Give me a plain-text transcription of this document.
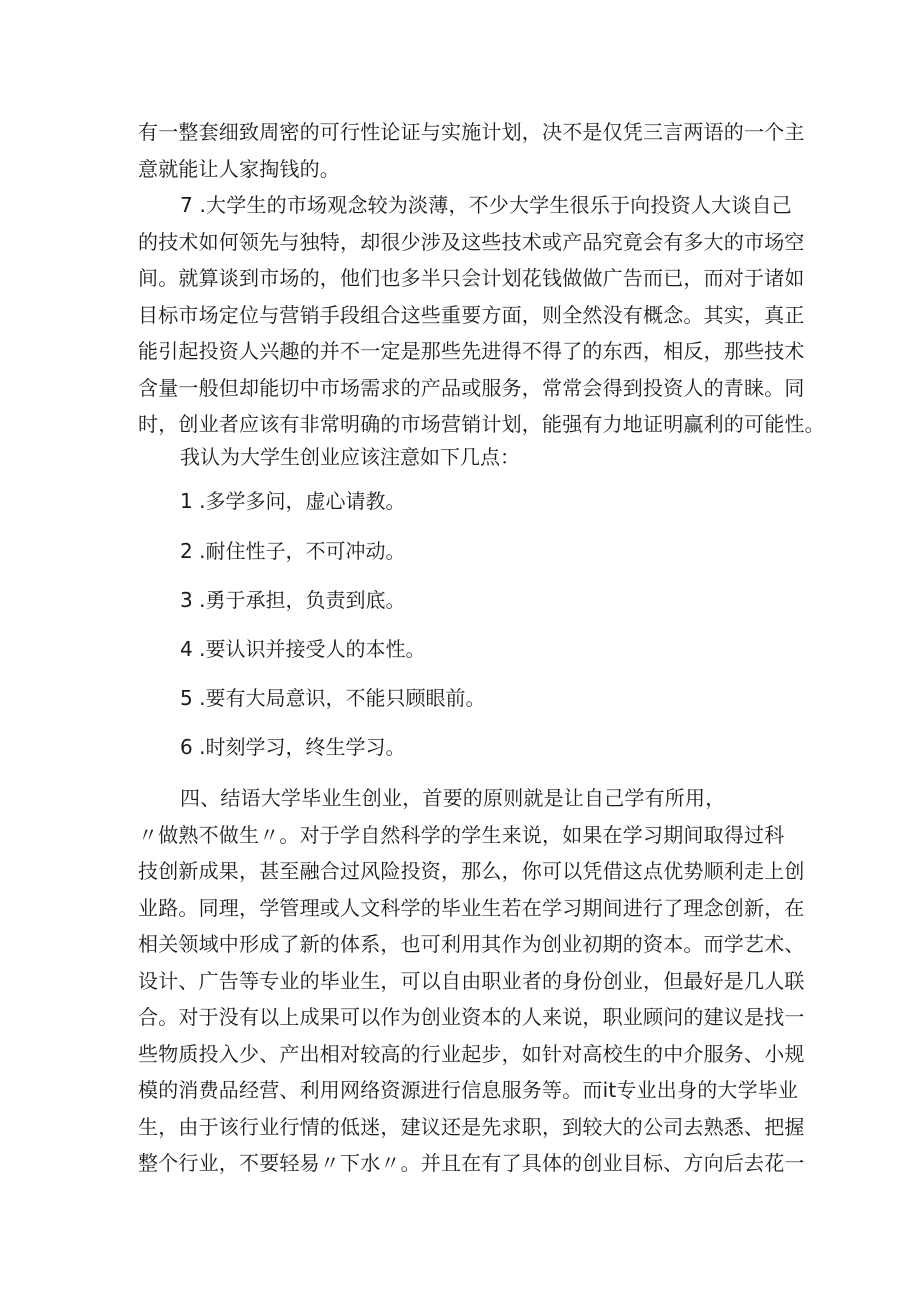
有一整套细致周密的可行性论证与实施计划，决不是仅凭三言两语的一个主
意就能让人家掏钱的。
7 .大学生的市场观念较为淡薄，不少大学生很乐于向投资人大谈自己
的技术如何领先与独特，却很少涉及这些技术或产品究竟会有多大的市场空
间。就算谈到市场的，他们也多半只会计划花钱做做广告而已，而对于诸如
目标市场定位与营销手段组合这些重要方面，则全然没有概念。其实，真正
能引起投资人兴趣的并不一定是那些先进得不得了的东西，相反，那些技术
含量一般但却能切中市场需求的产品或服务，常常会得到投资人的青睐。同
时，创业者应该有非常明确的市场营销计划，能强有力地证明赢利的可能性。
我认为大学生创业应该注意如下几点：
1 .多学多问，虚心请教。
2 .耐住性子，不可冲动。
3 .勇于承担，负责到底。
4 .要认识并接受人的本性。
5 .要有大局意识，不能只顾眼前。
6 .时刻学习，终生学习。
四、结语大学毕业生创业，首要的原则就是让自己学有所用，
〃做熟不做生〃。对于学自然科学的学生来说，如果在学习期间取得过科
技创新成果，甚至融合过风险投资，那么，你可以凭借这点优势顺利走上创
业路。同理，学管理或人文科学的毕业生若在学习期间进行了理念创新，在
相关领域中形成了新的体系，也可利用其作为创业初期的资本。而学艺术、
设计、广告等专业的毕业生，可以自由职业者的身份创业，但最好是几人联
合。对于没有以上成果可以作为创业资本的人来说，职业顾问的建议是找一
些物质投入少、产出相对较高的行业起步，如针对高校生的中介服务、小规
模的消费品经营、利用网络资源进行信息服务等。而it专业出身的大学毕业
生，由于该行业行情的低迷，建议还是先求职，到较大的公司去熟悉、把握
整个行业，不要轻易〃下水〃。并且在有了具体的创业目标、方向后去花一
